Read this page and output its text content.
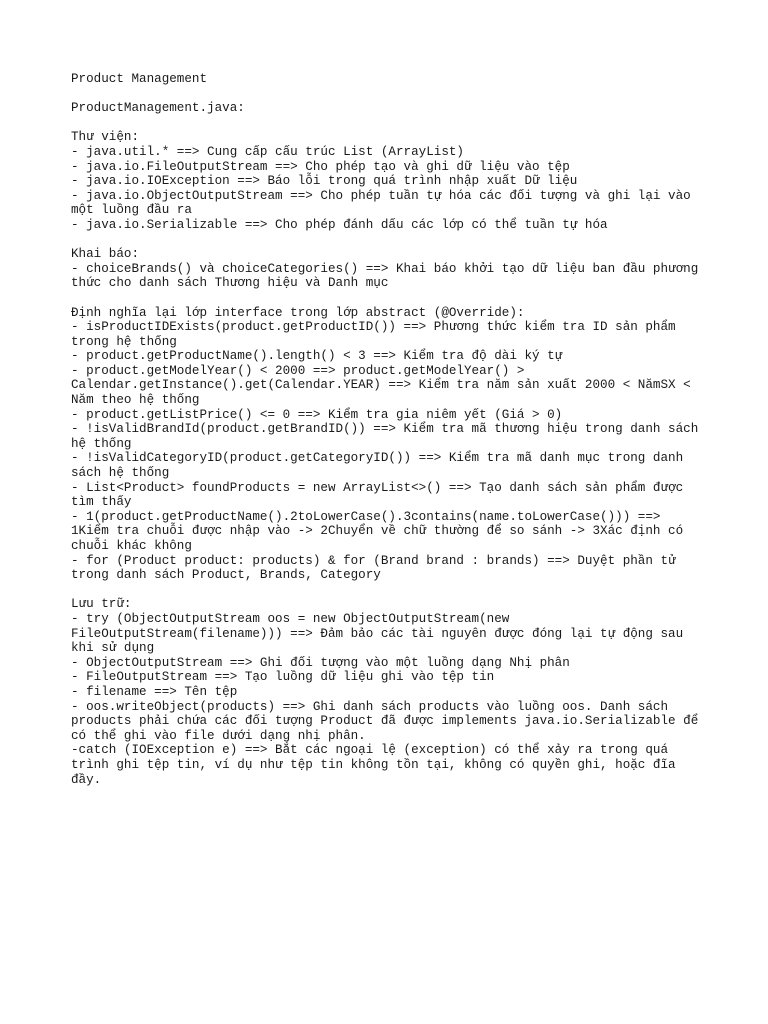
Product Management
ProductManagement.java:
Thư viện:
- java.util.* ==> Cung cấp cấu trúc List (ArrayList)
- java.io.FileOutputStream ==> Cho phép tạo và ghi dữ liệu vào tệp
- java.io.IOException ==> Báo lỗi trong quá trình nhập xuất Dữ liệu
- java.io.ObjectOutputStream ==> Cho phép tuần tự hóa các đối tượng và ghi lại vào
một luồng đầu ra
- java.io.Serializable ==> Cho phép đánh dấu các lớp có thể tuần tự hóa
Khai báo:
- choiceBrands() và choiceCategories() ==> Khai báo khởi tạo dữ liệu ban đầu phương
thức cho danh sách Thương hiệu và Danh mục
Định nghĩa lại lớp interface trong lớp abstract (@Override):
- isProductIDExists(product.getProductID()) ==> Phương thức kiểm tra ID sản phẩm
trong hệ thống
- product.getProductName().length() < 3 ==> Kiểm tra độ dài ký tự
- product.getModelYear() < 2000 ==> product.getModelYear() >
Calendar.getInstance().get(Calendar.YEAR) ==> Kiểm tra năm sản xuất 2000 < NămSX <
Năm theo hệ thống
- product.getListPrice() <= 0 ==> Kiểm tra gia niêm yết (Giá > 0)
- !isValidBrandId(product.getBrandID()) ==> Kiểm tra mã thương hiệu trong danh sách
hệ thống
- !isValidCategoryID(product.getCategoryID()) ==> Kiểm tra mã danh mục trong danh
sách hệ thống
- List<Product> foundProducts = new ArrayList<>() ==> Tạo danh sách sản phẩm được
tìm thấy
- 1(product.getProductName().2toLowerCase().3contains(name.toLowerCase())) ==>
1Kiểm tra chuỗi được nhập vào -> 2Chuyển về chữ thường để so sánh -> 3Xác định có
chuỗi khác không
- for (Product product: products) & for (Brand brand : brands) ==> Duyệt phần tử
trong danh sách Product, Brands, Category
Lưu trữ:
- try (ObjectOutputStream oos = new ObjectOutputStream(new
FileOutputStream(filename))) ==> Đảm bảo các tài nguyên được đóng lại tự động sau
khi sử dụng
- ObjectOutputStream ==> Ghi đối tượng vào một luồng dạng Nhị phân
- FileOutputStream ==> Tạo luồng dữ liệu ghi vào tệp tin
- filename ==> Tên tệp
- oos.writeObject(products) ==> Ghi danh sách products vào luồng oos. Danh sách
products phải chứa các đối tượng Product đã được implements java.io.Serializable để
có thể ghi vào file dưới dạng nhị phân.
-catch (IOException e) ==> Bắt các ngoại lệ (exception) có thể xảy ra trong quá
trình ghi tệp tin, ví dụ như tệp tin không tồn tại, không có quyền ghi, hoặc đĩa
đầy.
